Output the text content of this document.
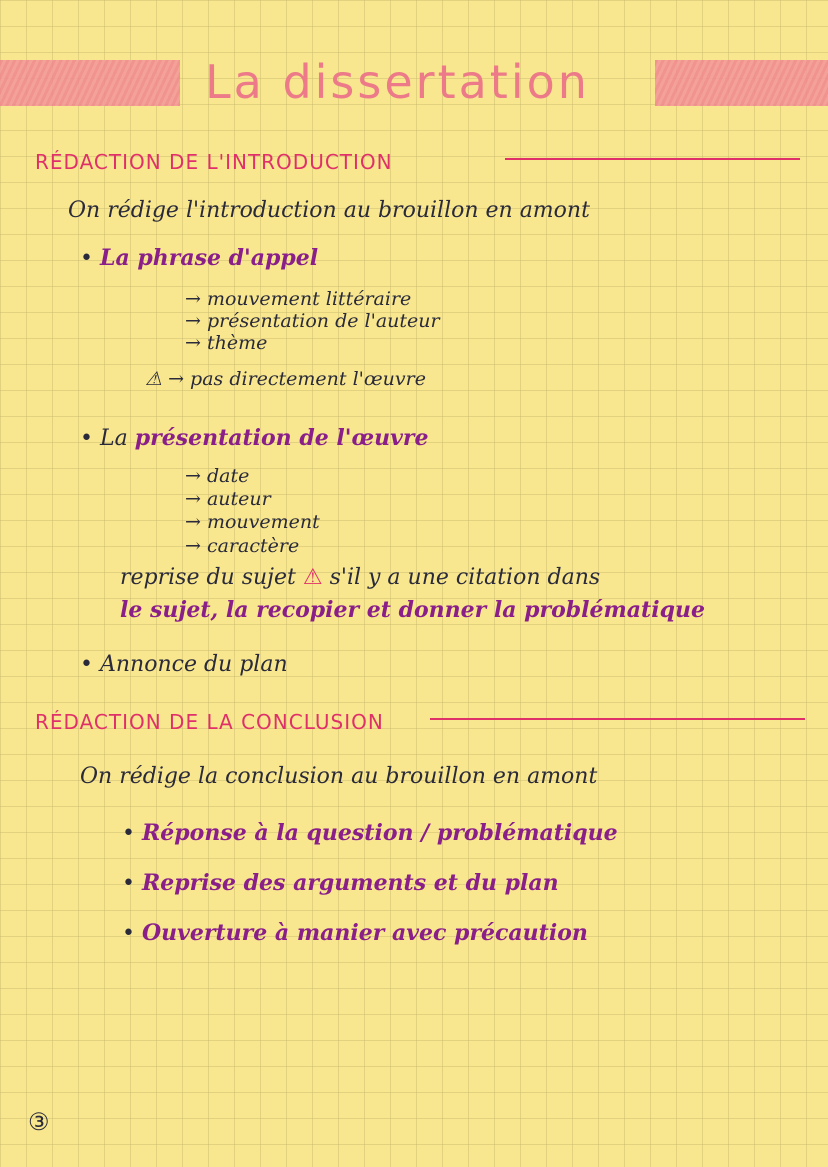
La dissertation
RÉDACTION DE L'INTRODUCTION
On rédige l'introduction au brouillon en amont
• La phrase d'appel
→ mouvement littéraire
→ présentation de l'auteur
→ thème
⚠ → pas directement l'œuvre
• La présentation de l'œuvre
→ date
→ auteur
→ mouvement
→ caractère
reprise du sujet ⚠ s'il y a une citation dans
le sujet, la recopier et donner la problématique
• Annonce du plan
RÉDACTION DE LA CONCLUSION
On rédige la conclusion au brouillon en amont
• Réponse à la question / problématique
• Reprise des arguments et du plan
• Ouverture à manier avec précaution
③
